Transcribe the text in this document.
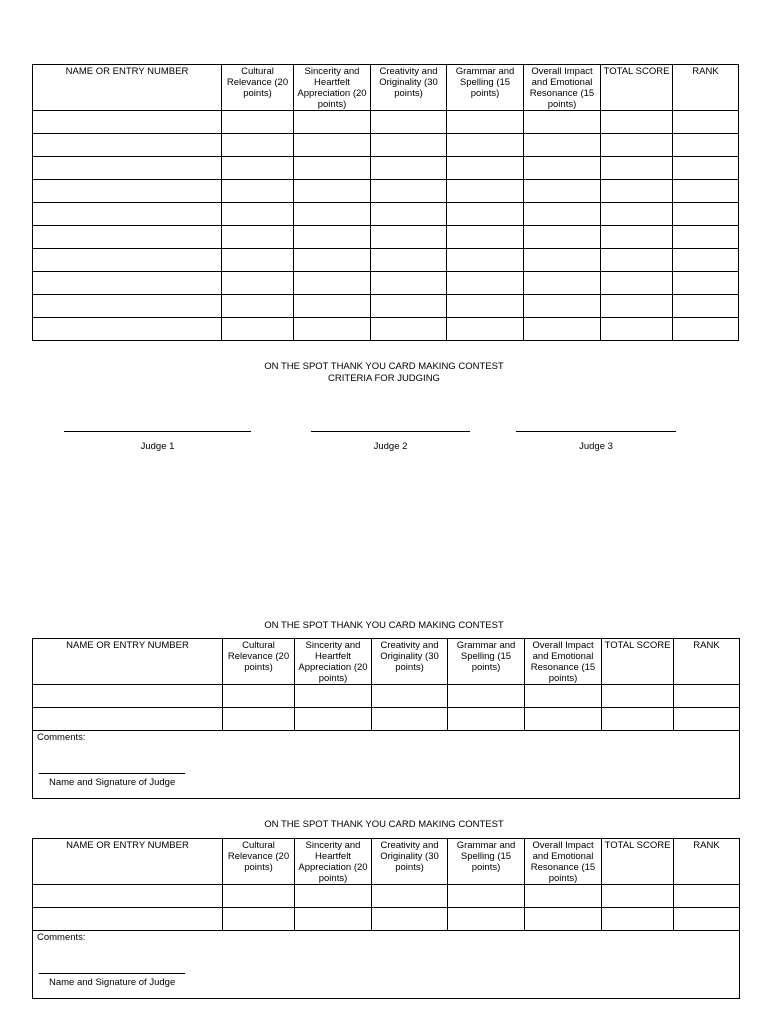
NAME OR ENTRY NUMBER	Cultural Relevance (20 points)	Sincerity and Heartfelt Appreciation (20 points)	Creativity and Originality (30 points)	Grammar and Spelling (15 points)	Overall Impact and Emotional Resonance (15 points)	TOTAL SCORE	RANK

ON THE SPOT THANK YOU CARD MAKING CONTEST
CRITERIA FOR JUDGING
Judge 1	Judge 2	Judge 3
ON THE SPOT THANK YOU CARD MAKING CONTEST
NAME OR ENTRY NUMBER	Cultural Relevance (20 points)	Sincerity and Heartfelt Appreciation (20 points)	Creativity and Originality (30 points)	Grammar and Spelling (15 points)	Overall Impact and Emotional Resonance (15 points)	TOTAL SCORE	RANK

Comments:
Name and Signature of Judge							
ON THE SPOT THANK YOU CARD MAKING CONTEST
NAME OR ENTRY NUMBER	Cultural Relevance (20 points)	Sincerity and Heartfelt Appreciation (20 points)	Creativity and Originality (30 points)	Grammar and Spelling (15 points)	Overall Impact and Emotional Resonance (15 points)	TOTAL SCORE	RANK

Comments:
Name and Signature of Judge							
